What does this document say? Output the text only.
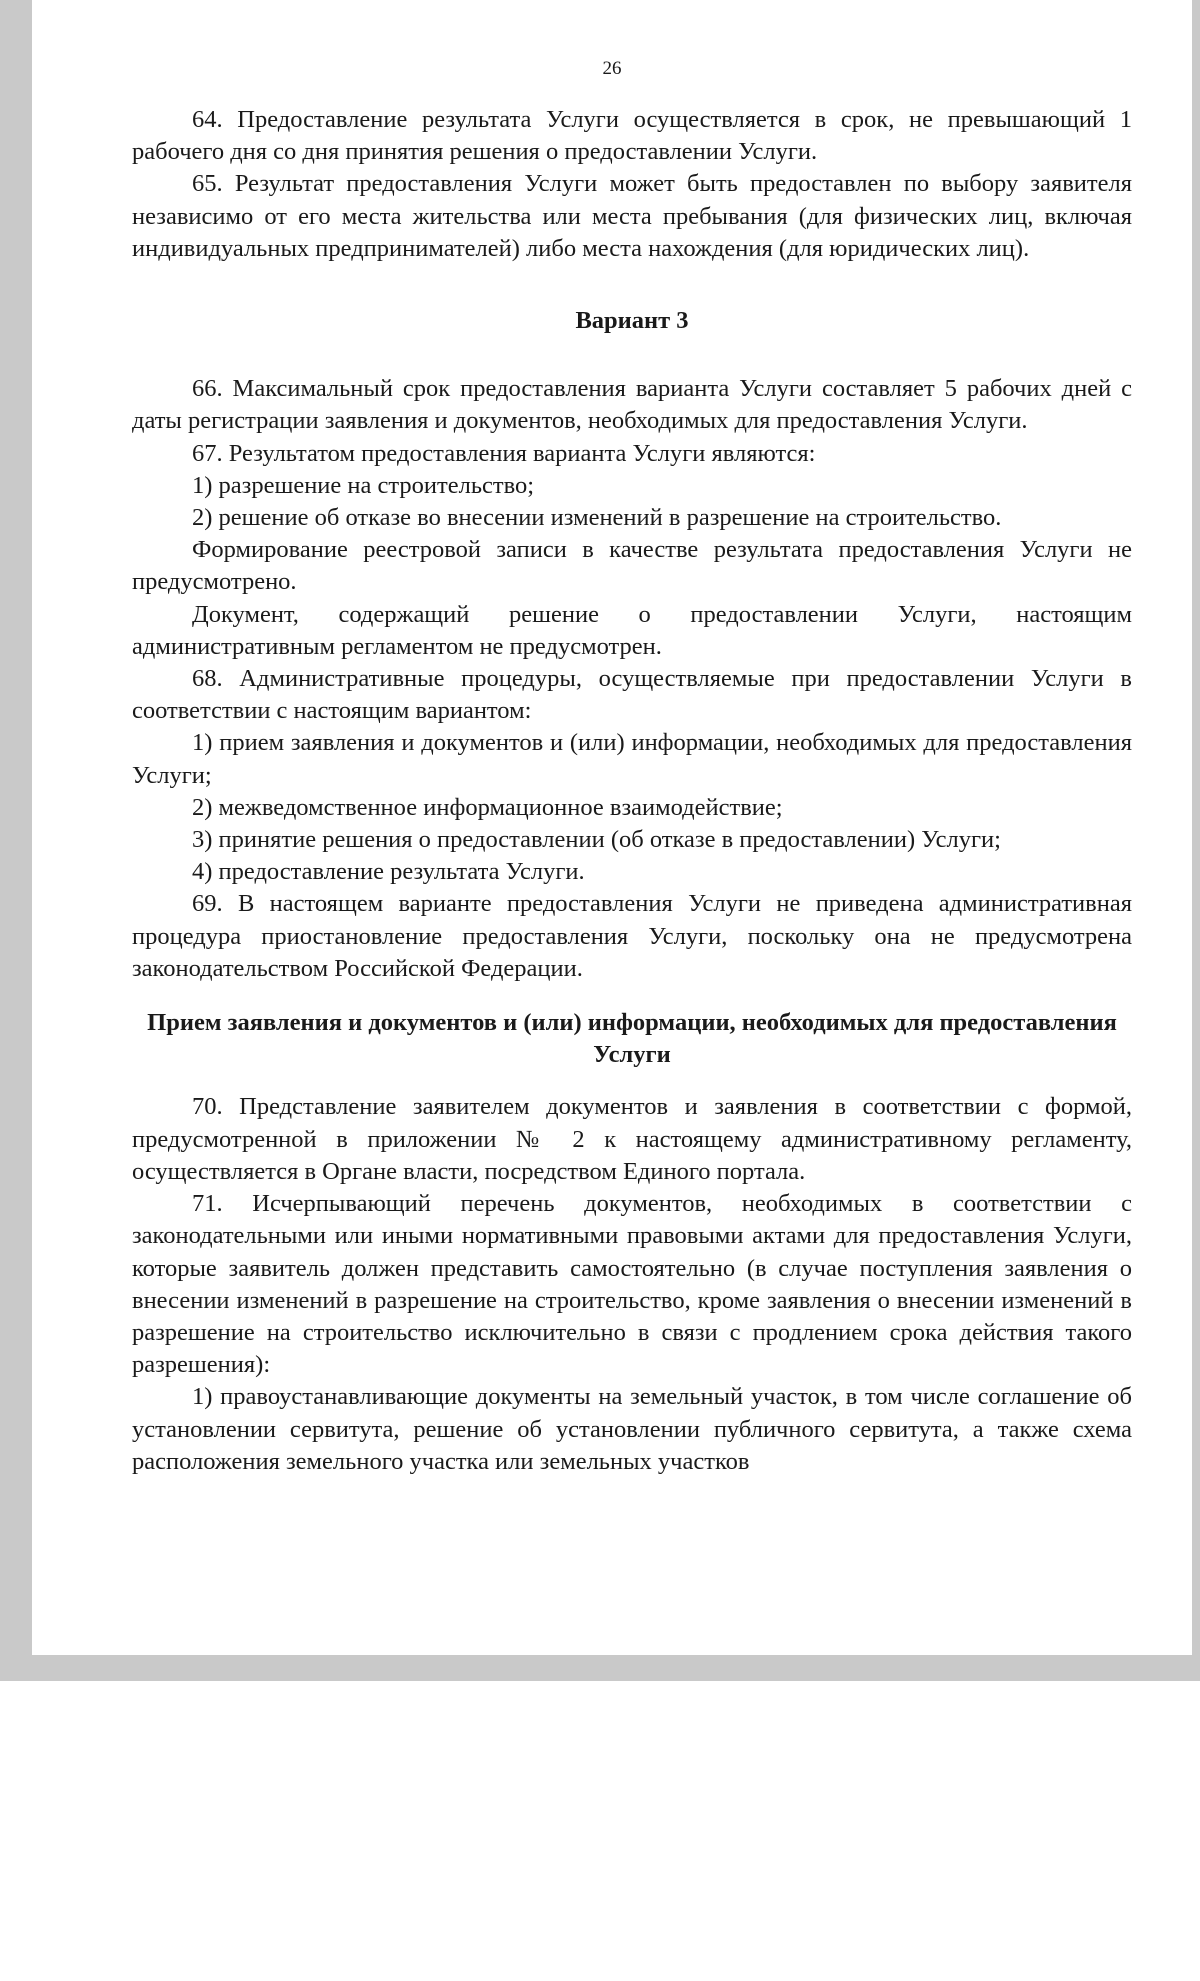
26

64. Предоставление результата Услуги осуществляется в срок, не превышающий 1 рабочего дня со дня принятия решения о предоставлении Услуги.

65. Результат предоставления Услуги может быть предоставлен по выбору заявителя независимо от его места жительства или места пребывания (для физических лиц, включая индивидуальных предпринимателей) либо места нахождения (для юридических лиц).

Вариант 3

66. Максимальный срок предоставления варианта Услуги составляет 5 рабочих дней с даты регистрации заявления и документов, необходимых для предоставления Услуги.

67. Результатом предоставления варианта Услуги являются:

1) разрешение на строительство;

2) решение об отказе во внесении изменений в разрешение на строительство.

Формирование реестровой записи в качестве результата предоставления Услуги не предусмотрено.

Документ, содержащий решение о предоставлении Услуги, настоящим административным регламентом не предусмотрен.

68. Административные процедуры, осуществляемые при предоставлении Услуги в соответствии с настоящим вариантом:

1) прием заявления и документов и (или) информации, необходимых для предоставления Услуги;

2) межведомственное информационное взаимодействие;

3) принятие решения о предоставлении (об отказе в предоставлении) Услуги;

4) предоставление результата Услуги.

69. В настоящем варианте предоставления Услуги не приведена административная процедура приостановление предоставления Услуги, поскольку она не предусмотрена законодательством Российской Федерации.

Прием заявления и документов и (или) информации, необходимых для предоставления Услуги

70. Представление заявителем документов и заявления в соответствии с формой, предусмотренной в приложении № 2 к настоящему административному регламенту, осуществляется в Органе власти, посредством Единого портала.

71. Исчерпывающий перечень документов, необходимых в соответствии с законодательными или иными нормативными правовыми актами для предоставления Услуги, которые заявитель должен представить самостоятельно (в случае поступления заявления о внесении изменений в разрешение на строительство, кроме заявления о внесении изменений в разрешение на строительство исключительно в связи с продлением срока действия такого разрешения):

1) правоустанавливающие документы на земельный участок, в том числе соглашение об установлении сервитута, решение об установлении публичного сервитута, а также схема расположения земельного участка или земельных участков
